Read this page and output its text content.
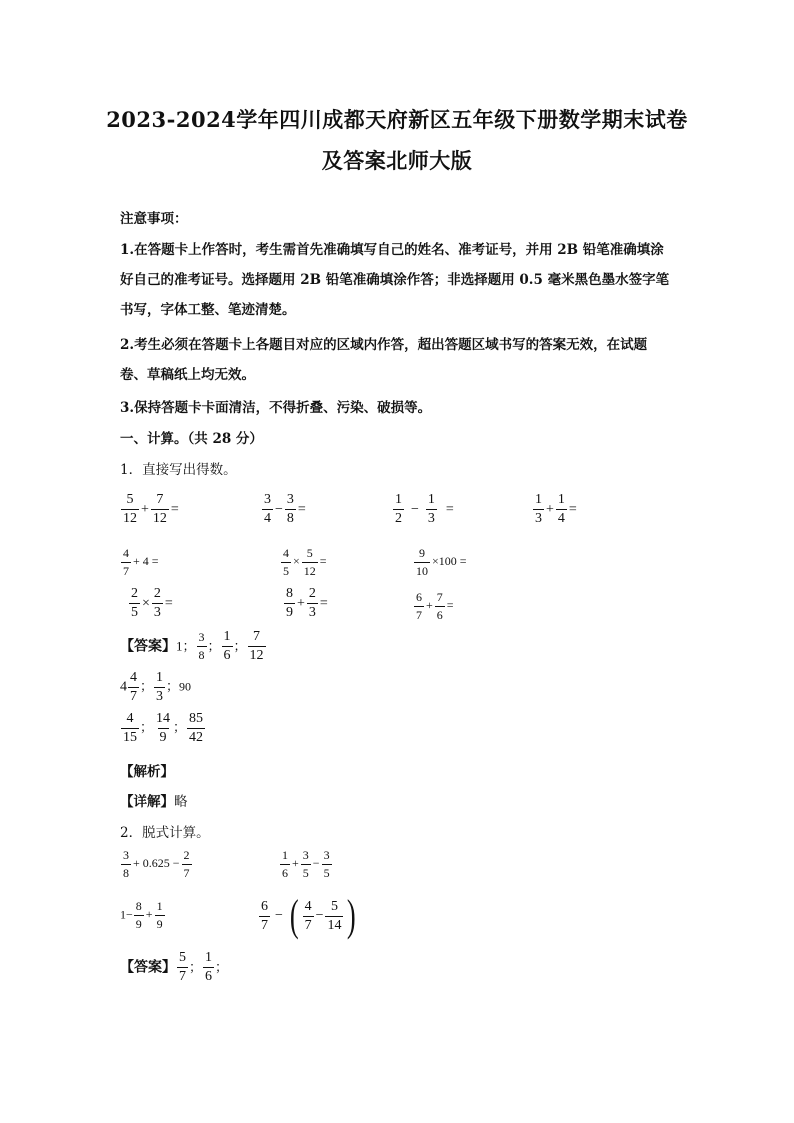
2023-2024学年四川成都天府新区五年级下册数学期末试卷
及答案北师大版
注意事项：
1.在答题卡上作答时，考生需首先准确填写自己的姓名、准考证号，并用 2B 铅笔准确填涂
好自己的准考证号。选择题用 2B 铅笔准确填涂作答；非选择题用 0.5 毫米黑色墨水签字笔
书写，字体工整、笔迹清楚。
2.考生必须在答题卡上各题目对应的区域内作答，超出答题区域书写的答案无效，在试题
卷、草稿纸上均无效。
3.保持答题卡卡面清洁，不得折叠、污染、破损等。
一、计算。（共 28 分）
1．直接写出得数。
$\frac{5}{12} + \frac{7}{12}$ =	$\frac{3}{4} - \frac{3}{8}$ =	$\frac{1}{2} - \frac{1}{3}$ =	$\frac{1}{3} + \frac{1}{4}$ =
$\frac{4}{7} + 4$ =	$\frac{4}{5} \times \frac{5}{12}$ =	$\frac{9}{10} \times 100$ =
$\frac{2}{5} \times \frac{2}{3}$ =	$\frac{8}{9} + \frac{2}{3}$ =	$\frac{6}{7} + \frac{7}{6}$ =
【答案】1； $\frac{3}{8}$ ； $\frac{1}{6}$ ； $\frac{7}{12}$
$4 \frac{4}{7}$ ； $\frac{1}{3}$ ；90
$\frac{4}{15}$ ； $\frac{14}{9}$ ； $\frac{85}{42}$
【解析】
【详解】略
2．脱式计算。
$\frac{3}{8} + 0.625 - \frac{2}{7}$	$\frac{1}{6} + \frac{3}{5} - \frac{3}{5}$
$1- \frac{8}{9} + \frac{1}{9}$	$\frac{6}{7}$ − ( $\frac{4}{7} - \frac{5}{14}$ )
【答案】 $\frac{5}{7}$ ； $\frac{1}{6}$ ；
